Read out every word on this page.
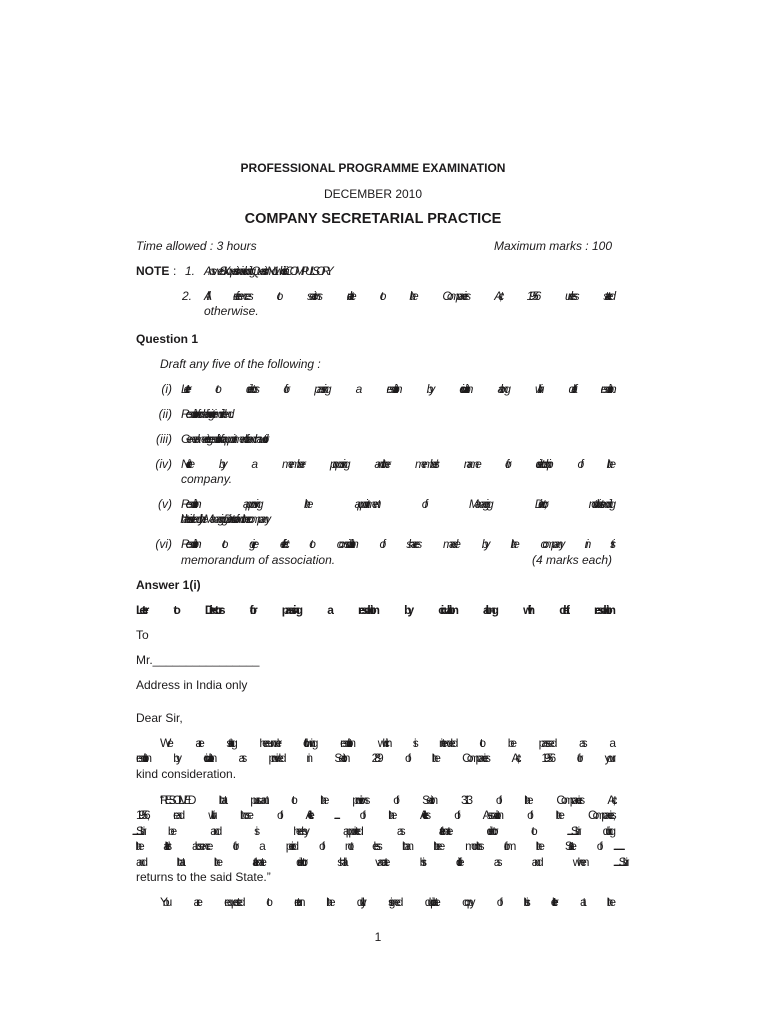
PROFESSIONAL PROGRAMME EXAMINATION
DECEMBER 2010
COMPANY SECRETARIAL PRACTICE
Time allowed : 3 hours	Maximum marks : 100
NOTE : 1. Answer SIX questions including Question No. 1 which is COMPULSORY.
2. All references to sections relate to the Companies Act, 1956 unless stated
otherwise.
Question 1
Draft any five of the following :
(i) Letter to directors for passing a resolution by circulation along with draft resolution.
(ii) Resolution for declaring interim dividend.
(iii) General meeting resolution for appointment of branch auditor.
(iv) Notice by a member proposing another member’s name for directorship of the
company.
(v) Resolution approving the appointment of Managing Director, notwithstanding
that he is already the Managing Director of another company.
(vi) Resolution to give effect to consolidation of shares made by the company in its
memorandum of association.	(4 marks each)
Answer 1(i)
Letter to Directors for passing a resolution by circulation along with draft resolution
To
Mr.________________
Address in India only
Dear Sir,
We are stating hereunder following resolution which is intended to be passed as a
resolution by circulation as provided in Section 289 of the Companies Act, 1956 for your
kind consideration.
“RESOLVED that pursuant to the provisions of Section 313 of the Companies Act,
1956, read with those of Article ........ of the Articles of Association of the Companies,
Shri................ be and is hereby appointed as alternate director to Shri................ during
the latter’s absence for a period of not less than three months from the State of ................
and that the alternate director shall vacate his office as and when Shri..................
returns to the said State.”
You are requested to return the duly signed duplicate copy of this letter at the
1
